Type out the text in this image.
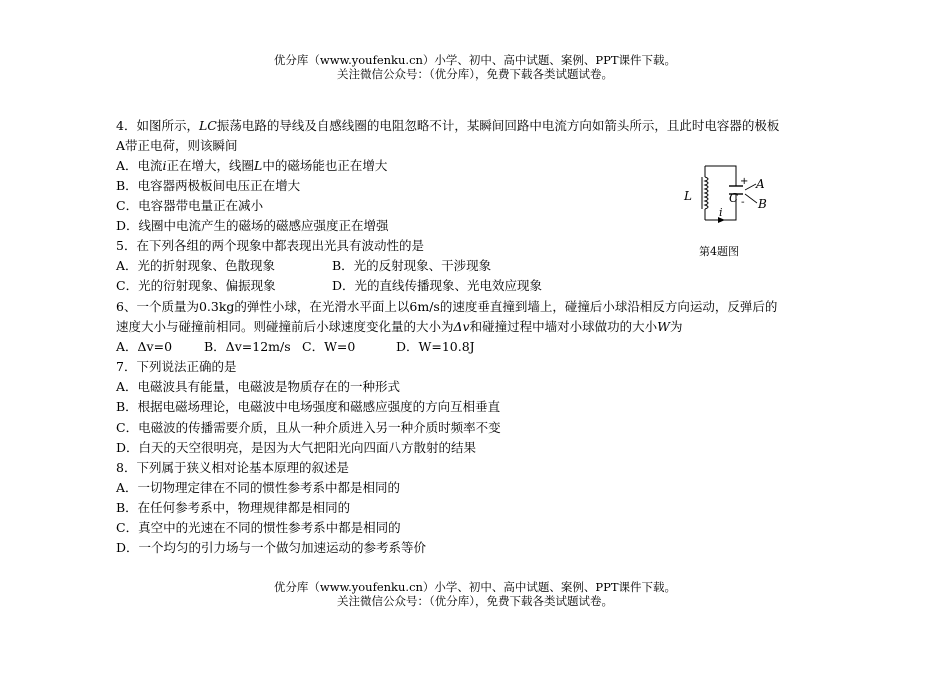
优分库（www.youfenku.cn）小学、初中、高中试题、案例、PPT课件下载。
关注微信公众号：（优分库），免费下载各类试题试卷。
4．如图所示，LC振荡电路的导线及自感线圈的电阻忽略不计，某瞬间回路中电流方向如箭头所示，且此时电容器的极板
A带正电荷，则该瞬间
A．电流i正在增大，线圈L中的磁场能也正在增大
B．电容器两极板间电压正在增大
C．电容器带电量正在减小
D．线圈中电流产生的磁场的磁感应强度正在增强
L	C
A
B
i
+
-
第4题图
5．在下列各组的两个现象中都表现出光具有波动性的是
A．光的折射现象、色散现象	B．光的反射现象、干涉现象
C．光的衍射现象、偏振现象	D．光的直线传播现象、光电效应现象
6、一个质量为0.3kg的弹性小球，在光滑水平面上以6m/s的速度垂直撞到墙上，碰撞后小球沿相反方向运动，反弹后的
速度大小与碰撞前相同。则碰撞前后小球速度变化量的大小为Δv和碰撞过程中墙对小球做功的大小W为
A．Δv=0	B．Δv=12m/s C．W=0	D．W=10.8J
7．下列说法正确的是
A．电磁波具有能量，电磁波是物质存在的一种形式
B．根据电磁场理论，电磁波中电场强度和磁感应强度的方向互相垂直
C．电磁波的传播需要介质，且从一种介质进入另一种介质时频率不变
D．白天的天空很明亮，是因为大气把阳光向四面八方散射的结果
8．下列属于狭义相对论基本原理的叙述是
A．一切物理定律在不同的惯性参考系中都是相同的
B．在任何参考系中，物理规律都是相同的
C．真空中的光速在不同的惯性参考系中都是相同的
D．一个均匀的引力场与一个做匀加速运动的参考系等价
优分库（www.youfenku.cn）小学、初中、高中试题、案例、PPT课件下载。
关注微信公众号：（优分库），免费下载各类试题试卷。
